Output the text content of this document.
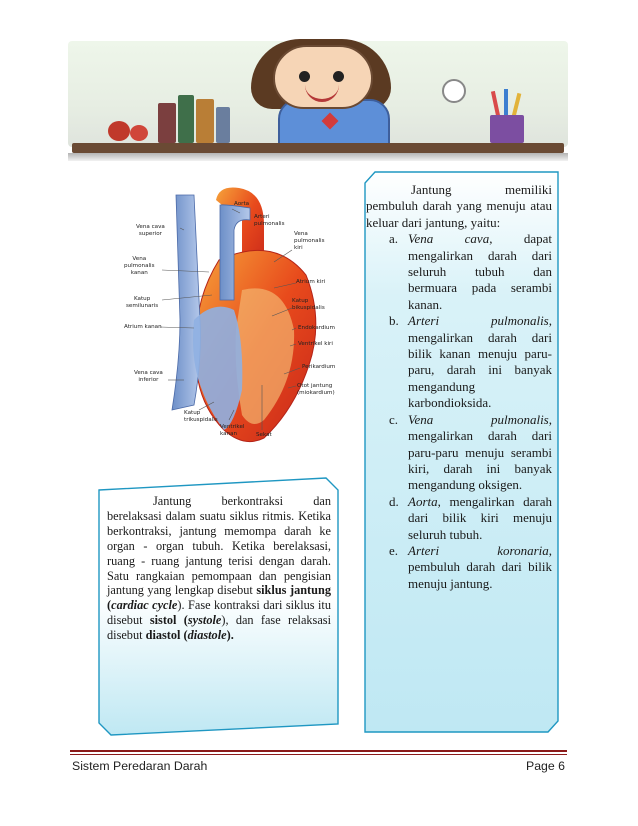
Aorta
Arteri
pulmonalis
Vena cava
superior	Vena
pulmonalis
kiri
Vena
pulmonalis
kanan
Atrium kiri
Katup
semilunaris
Katup
bikuspidalis
Atrium kanan	Endokardium
Ventrikel kiri
Perikardium
Vena cava
inferior
Otot jantung
(miokardium)
Katup
trikuspidalis
Ventrikel
kanan	Sekat

Jantung berkontraksi dan berelaksasi dalam suatu siklus ritmis. Ketika berkontraksi, jantung memompa darah ke organ - organ tubuh. Ketika berelaksasi, ruang - ruang jantung terisi dengan darah. Satu rangkaian pemompaan dan pengisian jantung yang lengkap disebut siklus jantung (cardiac cycle). Fase kontraksi dari siklus itu disebut sistol (systole), dan fase relaksasi disebut diastol (diastole).

Jantung memiliki pembuluh darah yang menuju atau keluar dari jantung, yaitu:

a. Vena cava, dapat mengalirkan darah dari seluruh tubuh dan bermuara pada serambi kanan.
b. Arteri pulmonalis, mengalirkan darah dari bilik kanan menuju paru-paru, darah ini banyak mengandung karbondioksida.
c. Vena pulmonalis, mengalirkan darah dari paru-paru menuju serambi kiri, darah ini banyak mengandung oksigen.
d. Aorta, mengalirkan darah dari bilik kiri menuju seluruh tubuh.
e. Arteri koronaria, pembuluh darah dari bilik menuju jantung.
Sistem Peredaran Darah	Page 6
